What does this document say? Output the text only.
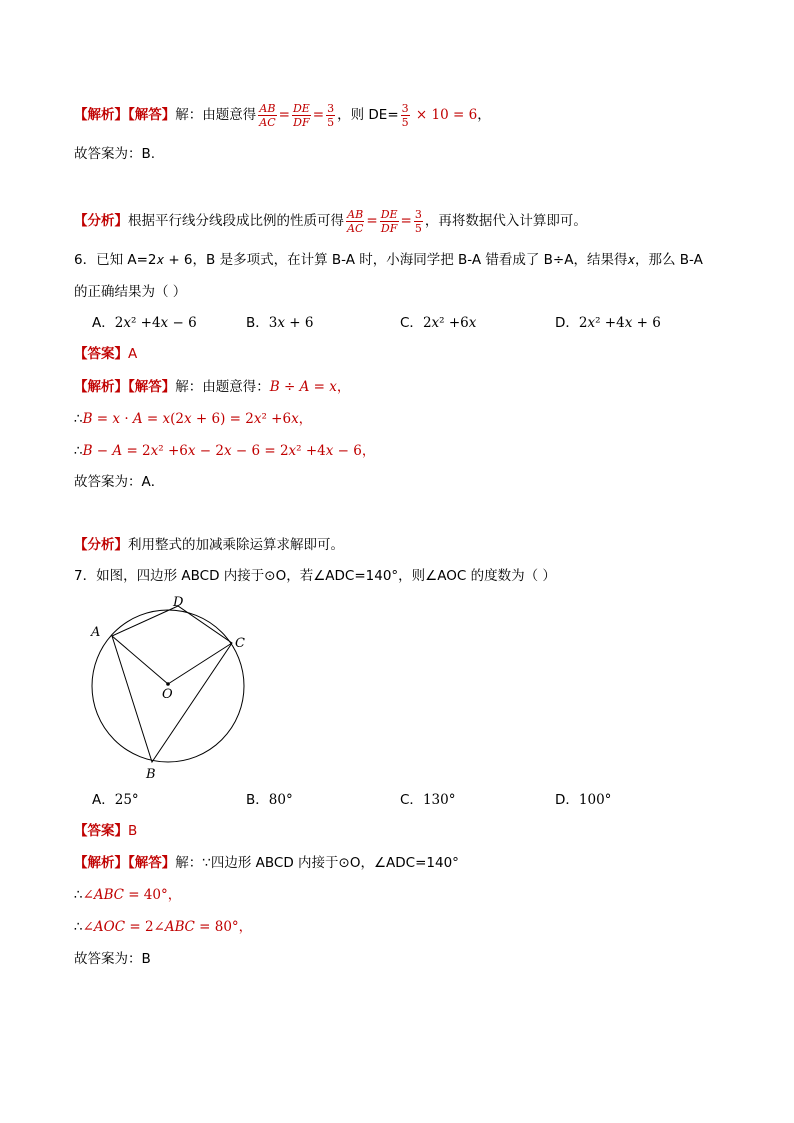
【解析】【解答】解：由题意得 $\frac{AB}{AC} = \frac{DE}{DF} = \frac{3}{5}$ ，则 $DE= \frac{3}{5} \times 10 = 6$，
故答案为：B.
【分析】根据平行线分线段成比例的性质可得 $\frac{AB}{AC} = \frac{DE}{DF} = \frac{3}{5}$ ，再将数据代入计算即可。
6．已知 A=2𝑥 + 6，B 是多项式，在计算 B-A 时，小海同学把 B-A 错看成了 B÷A，结果得𝑥，那么 B-A
的正确结果为（ ）
A．2𝑥² +4𝑥 − 6	B．3𝑥 + 6	C．2𝑥² +6𝑥	D．2𝑥² +4𝑥 + 6
【答案】A
【解析】【解答】解：由题意得：𝐵 ÷ 𝐴 = 𝑥，
∴𝐵 = 𝑥 · 𝐴 = 𝑥(2𝑥 + 6) = 2𝑥² +6𝑥，
∴𝐵 − 𝐴 = 2𝑥² +6𝑥 − 2𝑥 − 6 = 2𝑥² +4𝑥 − 6，
故答案为：A．
【分析】利用整式的加减乘除运算求解即可。
7．如图，四边形 ABCD 内接于⊙O，若∠ADC=140°，则∠AOC 的度数为（ ）
A
D
C
O
B
A．25°	B．80°	C．130°	D．100°
【答案】B
【解析】【解答】解：∵四边形 ABCD 内接于⊙O，∠ADC=140°
∴∠𝐴𝐵𝐶 = 40°，
∴∠𝐴𝑂𝐶 = 2∠𝐴𝐵𝐶 = 80°，
故答案为：B
